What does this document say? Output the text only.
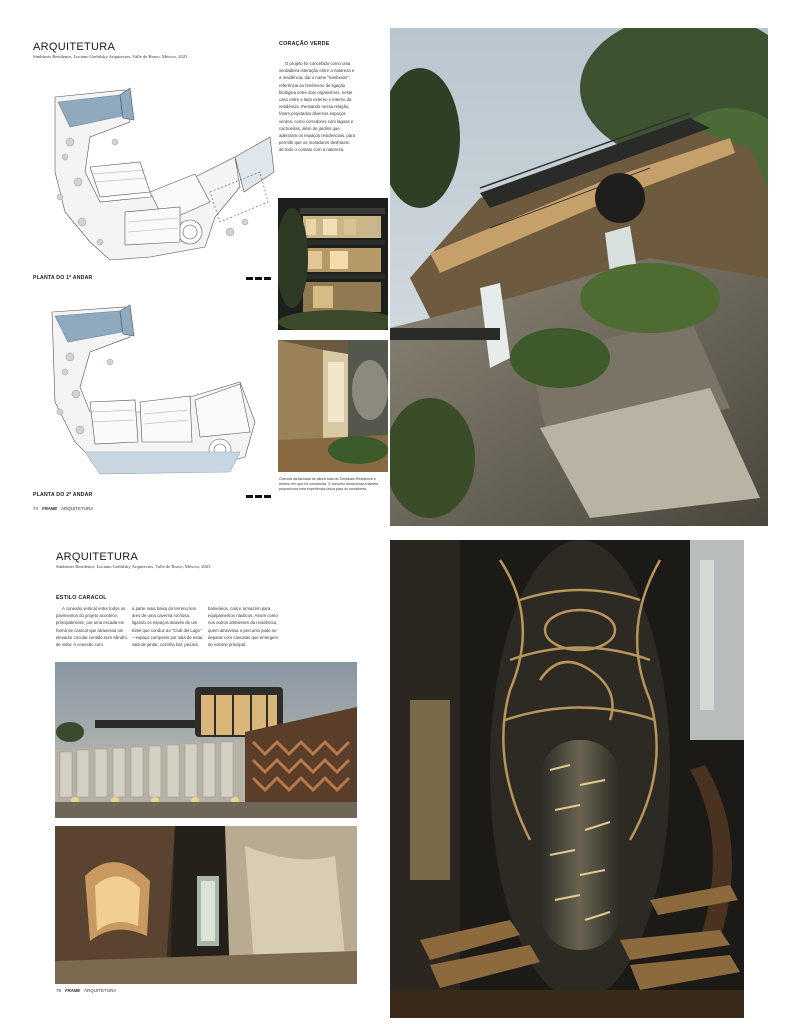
ARQUITETURA
Simbiosis Residence, Luciano Gerbilsky Arquitectos, Valle de Bravo, México, 2023
PLANTA DO 1º ANDAR
PLANTA DO 2º ANDAR
74 FRAME ARQUITETURA
CORAÇÃO VERDE
O projeto foi concebido como uma verdadeira interação entre a natureza e a residência, daí o nome "Simbiosis", referência ao fenômeno de ligação biológica entre dois organismos, neste caso entre o lado externo e interno da residência. Pensando nessa relação, foram projetados diversos espaços verdes, como corredores com lagoas e cachoeiras, além de jardins que adentram os espaços residenciais, para permitir que os moradores desfrutem de todo o contato com a natureza.
Gravura da fachada de altura total do Simbiosis Residence e terreno em que foi construída. O conceito dirnecional a faixeta proporciona uma experiência única para os moradores.
ARQUITETURA
Simbiosis Residence, Luciano Gerbilsky Arquitectos, Valle de Bravo, México, 2023
ESTILO CARACOL
A conexão vertical entre todos os pavimentos do projeto acontece, principalmente, por uma escada em forma de caracol que atravessa um elevador circular contido num cilindro de vidro. A conexão com
a parte mais baixa do terreno tem ares de uma caverna rochosa, ligando os espaços através de um túnel que conduz ao "Club del Lago" – espaço composto por sala de estar, sala de jantar, cozinha bar, piscina,
balneários, cais e armazém para equipamentos náuticos. Assim como nos outros ambientes da residência, quem atravessa o percurso pode se deparar com cascatas que emergem do volume principal.
78 FRAME ARQUITETURA
